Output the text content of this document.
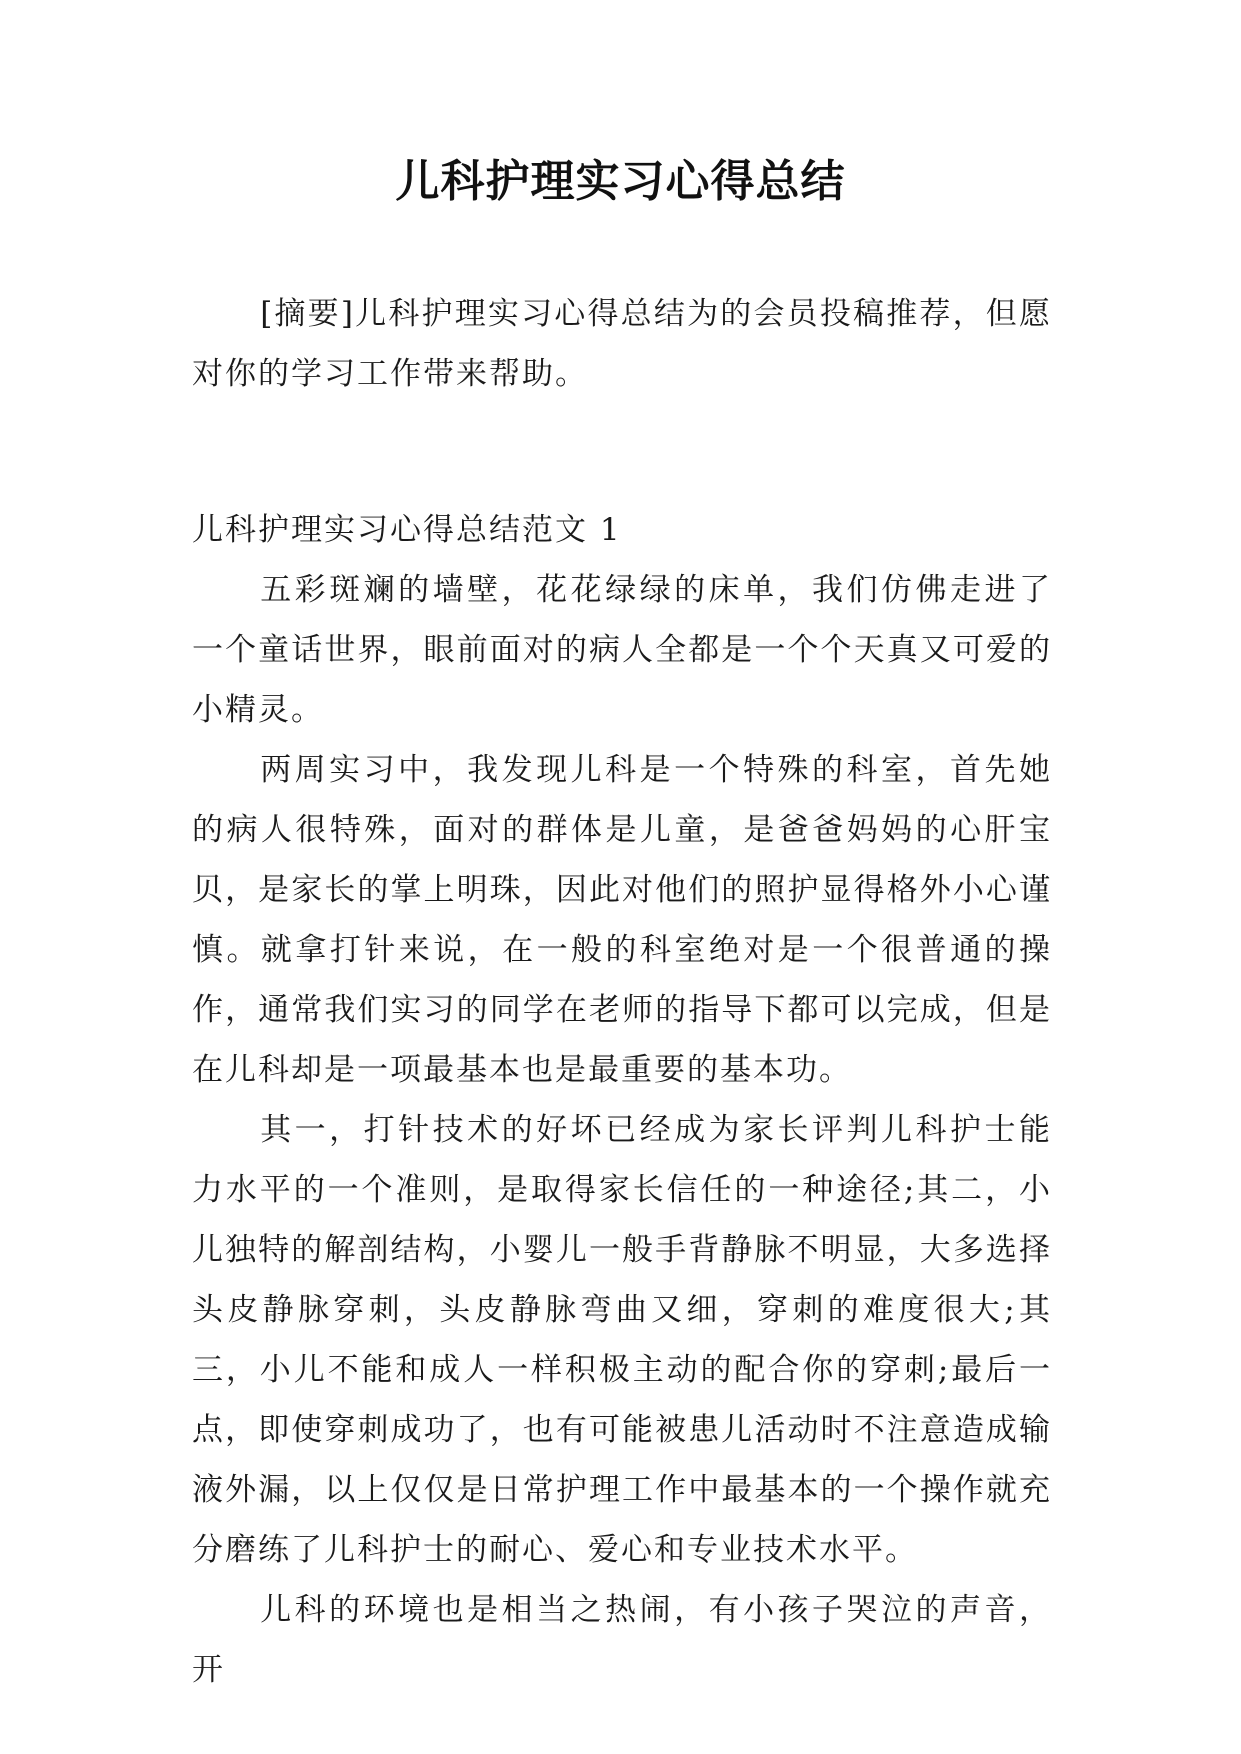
儿科护理实习心得总结

[摘要]儿科护理实习心得总结为的会员投稿推荐，但愿对你的学习工作带来帮助。

儿科护理实习心得总结范文 1

五彩斑斓的墙壁，花花绿绿的床单，我们仿佛走进了一个童话世界，眼前面对的病人全都是一个个天真又可爱的小精灵。

两周实习中，我发现儿科是一个特殊的科室，首先她的病人很特殊，面对的群体是儿童，是爸爸妈妈的心肝宝贝，是家长的掌上明珠，因此对他们的照护显得格外小心谨慎。就拿打针来说，在一般的科室绝对是一个很普通的操作，通常我们实习的同学在老师的指导下都可以完成，但是在儿科却是一项最基本也是最重要的基本功。

其一，打针技术的好坏已经成为家长评判儿科护士能力水平的一个准则，是取得家长信任的一种途径;其二，小儿独特的解剖结构，小婴儿一般手背静脉不明显，大多选择头皮静脉穿刺，头皮静脉弯曲又细，穿刺的难度很大;其三，小儿不能和成人一样积极主动的配合你的穿刺;最后一点，即使穿刺成功了，也有可能被患儿活动时不注意造成输液外漏，以上仅仅是日常护理工作中最基本的一个操作就充分磨练了儿科护士的耐心、爱心和专业技术水平。

儿科的环境也是相当之热闹，有小孩子哭泣的声音，开
